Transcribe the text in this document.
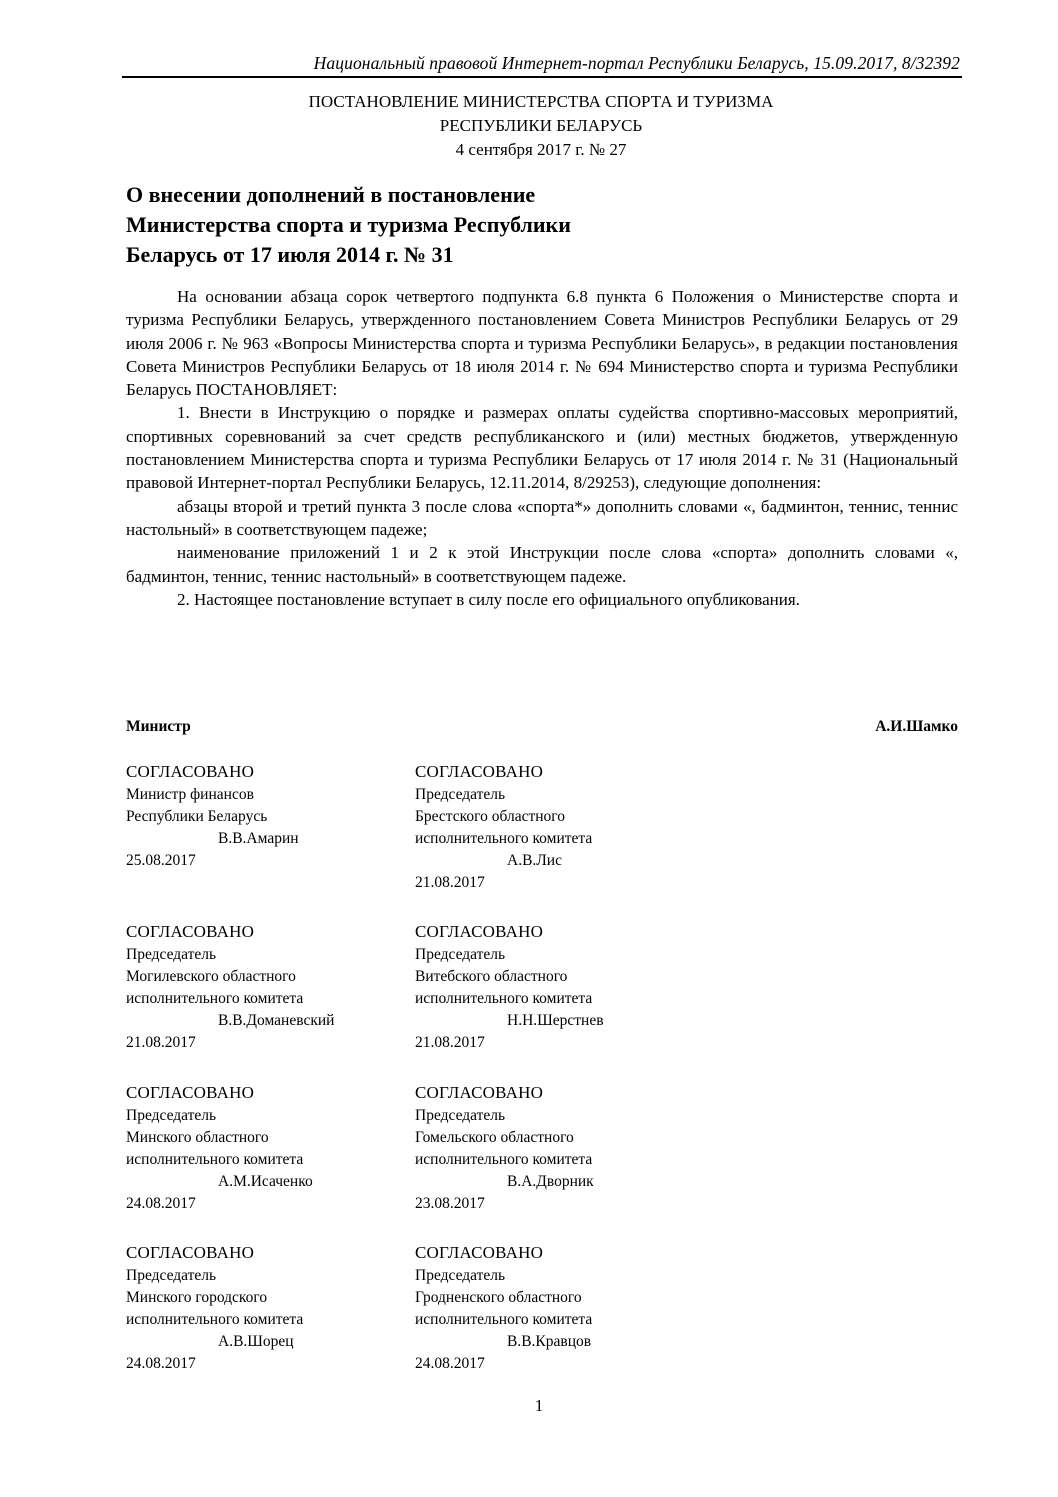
Национальный правовой Интернет-портал Республики Беларусь, 15.09.2017, 8/32392
ПОСТАНОВЛЕНИЕ МИНИСТЕРСТВА СПОРТА И ТУРИЗМА
РЕСПУБЛИКИ БЕЛАРУСЬ
4 сентября 2017 г. № 27
О внесении дополнений в постановление
Министерства спорта и туризма Республики
Беларусь от 17 июля 2014 г. № 31

На основании абзаца сорок четвертого подпункта 6.8 пункта 6 Положения о Министерстве спорта и туризма Республики Беларусь, утвержденного постановлением Совета Министров Республики Беларусь от 29 июля 2006 г. № 963 «Вопросы Министерства спорта и туризма Республики Беларусь», в редакции постановления Совета Министров Республики Беларусь от 18 июля 2014 г. № 694 Министерство спорта и туризма Республики Беларусь ПОСТАНОВЛЯЕТ:

1. Внести в Инструкцию о порядке и размерах оплаты судейства спортивно-массовых мероприятий, спортивных соревнований за счет средств республиканского и (или) местных бюджетов, утвержденную постановлением Министерства спорта и туризма Республики Беларусь от 17 июля 2014 г. № 31 (Национальный правовой Интернет-портал Республики Беларусь, 12.11.2014, 8/29253), следующие дополнения:

абзацы второй и третий пункта 3 после слова «спорта*» дополнить словами «, бадминтон, теннис, теннис настольный» в соответствующем падеже;

наименование приложений 1 и 2 к этой Инструкции после слова «спорта» дополнить словами «, бадминтон, теннис, теннис настольный» в соответствующем падеже.

2. Настоящее постановление вступает в силу после его официального опубликования.

Министр	А.И.Шамко
СОГЛАСОВАНО
Министр финансов
Республики Беларусь
В.В.Амарин
25.08.2017
СОГЛАСОВАНО
Председатель
Брестского областного
исполнительного комитета
А.В.Лис
21.08.2017
СОГЛАСОВАНО
Председатель
Могилевского областного
исполнительного комитета
В.В.Доманевский
21.08.2017
СОГЛАСОВАНО
Председатель
Витебского областного
исполнительного комитета
Н.Н.Шерстнев
21.08.2017
СОГЛАСОВАНО
Председатель
Минского областного
исполнительного комитета
А.М.Исаченко
24.08.2017
СОГЛАСОВАНО
Председатель
Гомельского областного
исполнительного комитета
В.А.Дворник
23.08.2017
СОГЛАСОВАНО
Председатель
Минского городского
исполнительного комитета
А.В.Шорец
24.08.2017
СОГЛАСОВАНО
Председатель
Гродненского областного
исполнительного комитета
В.В.Кравцов
24.08.2017
1
